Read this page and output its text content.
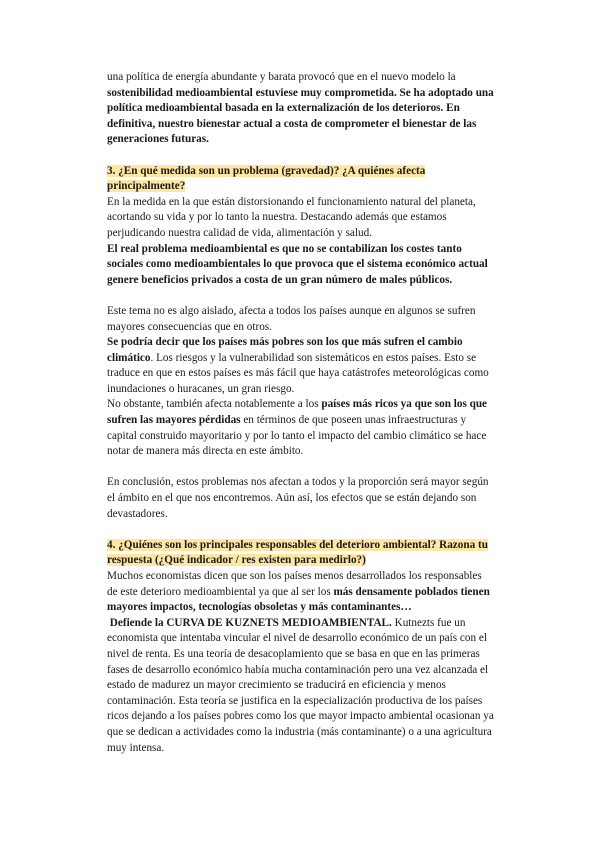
una política de energía abundante y barata provocó que en el nuevo modelo la
sostenibilidad medioambiental estuviese muy comprometida. Se ha adoptado una
política medioambiental basada en la externalización de los deterioros. En
definitiva, nuestro bienestar actual a costa de comprometer el bienestar de las
generaciones futuras.

3. ¿En qué medida son un problema (gravedad)? ¿A quiénes afecta
principalmente?

En la medida en la que están distorsionando el funcionamiento natural del planeta,
acortando su vida y por lo tanto la nuestra. Destacando además que estamos
perjudicando nuestra calidad de vida, alimentación y salud.

El real problema medioambiental es que no se contabilizan los costes tanto
sociales como medioambientales lo que provoca que el sistema económico actual
genere beneficios privados a costa de un gran número de males públicos.

Este tema no es algo aislado, afecta a todos los países aunque en algunos se sufren
mayores consecuencias que en otros.

Se podría decir que los países más pobres son los que más sufren el cambio
climático. Los riesgos y la vulnerabilidad son sistemáticos en estos países. Esto se
traduce en que en estos países es más fácil que haya catástrofes meteorológicas como
inundaciones o huracanes, un gran riesgo.

No obstante, también afecta notablemente a los países más ricos ya que son los que
sufren las mayores pérdidas en términos de que poseen unas infraestructuras y
capital construido mayoritario y por lo tanto el impacto del cambio climático se hace
notar de manera más directa en este ámbito.

En conclusión, estos problemas nos afectan a todos y la proporción será mayor según
el ámbito en el que nos encontremos. Aún así, los efectos que se están dejando son
devastadores.

4. ¿Quiénes son los principales responsables del deterioro ambiental? Razona tu
respuesta (¿Qué indicador / res existen para medirlo?)

Muchos economistas dicen que son los países menos desarrollados los responsables
de este deterioro medioambiental ya que al ser los más densamente poblados tienen
mayores impactos, tecnologías obsoletas y más contaminantes…

Defiende la CURVA DE KUZNETS MEDIOAMBIENTAL. Kutnezts fue un
economista que intentaba vincular el nivel de desarrollo económico de un país con el
nivel de renta. Es una teoría de desacoplamiento que se basa en que en las primeras
fases de desarrollo económico había mucha contaminación pero una vez alcanzada el
estado de madurez un mayor crecimiento se traducirá en eficiencia y menos
contaminación. Esta teoría se justifica en la especialización productiva de los países
ricos dejando a los países pobres como los que mayor impacto ambiental ocasionan ya
que se dedican a actividades como la industria (más contaminante) o a una agricultura
muy intensa.
